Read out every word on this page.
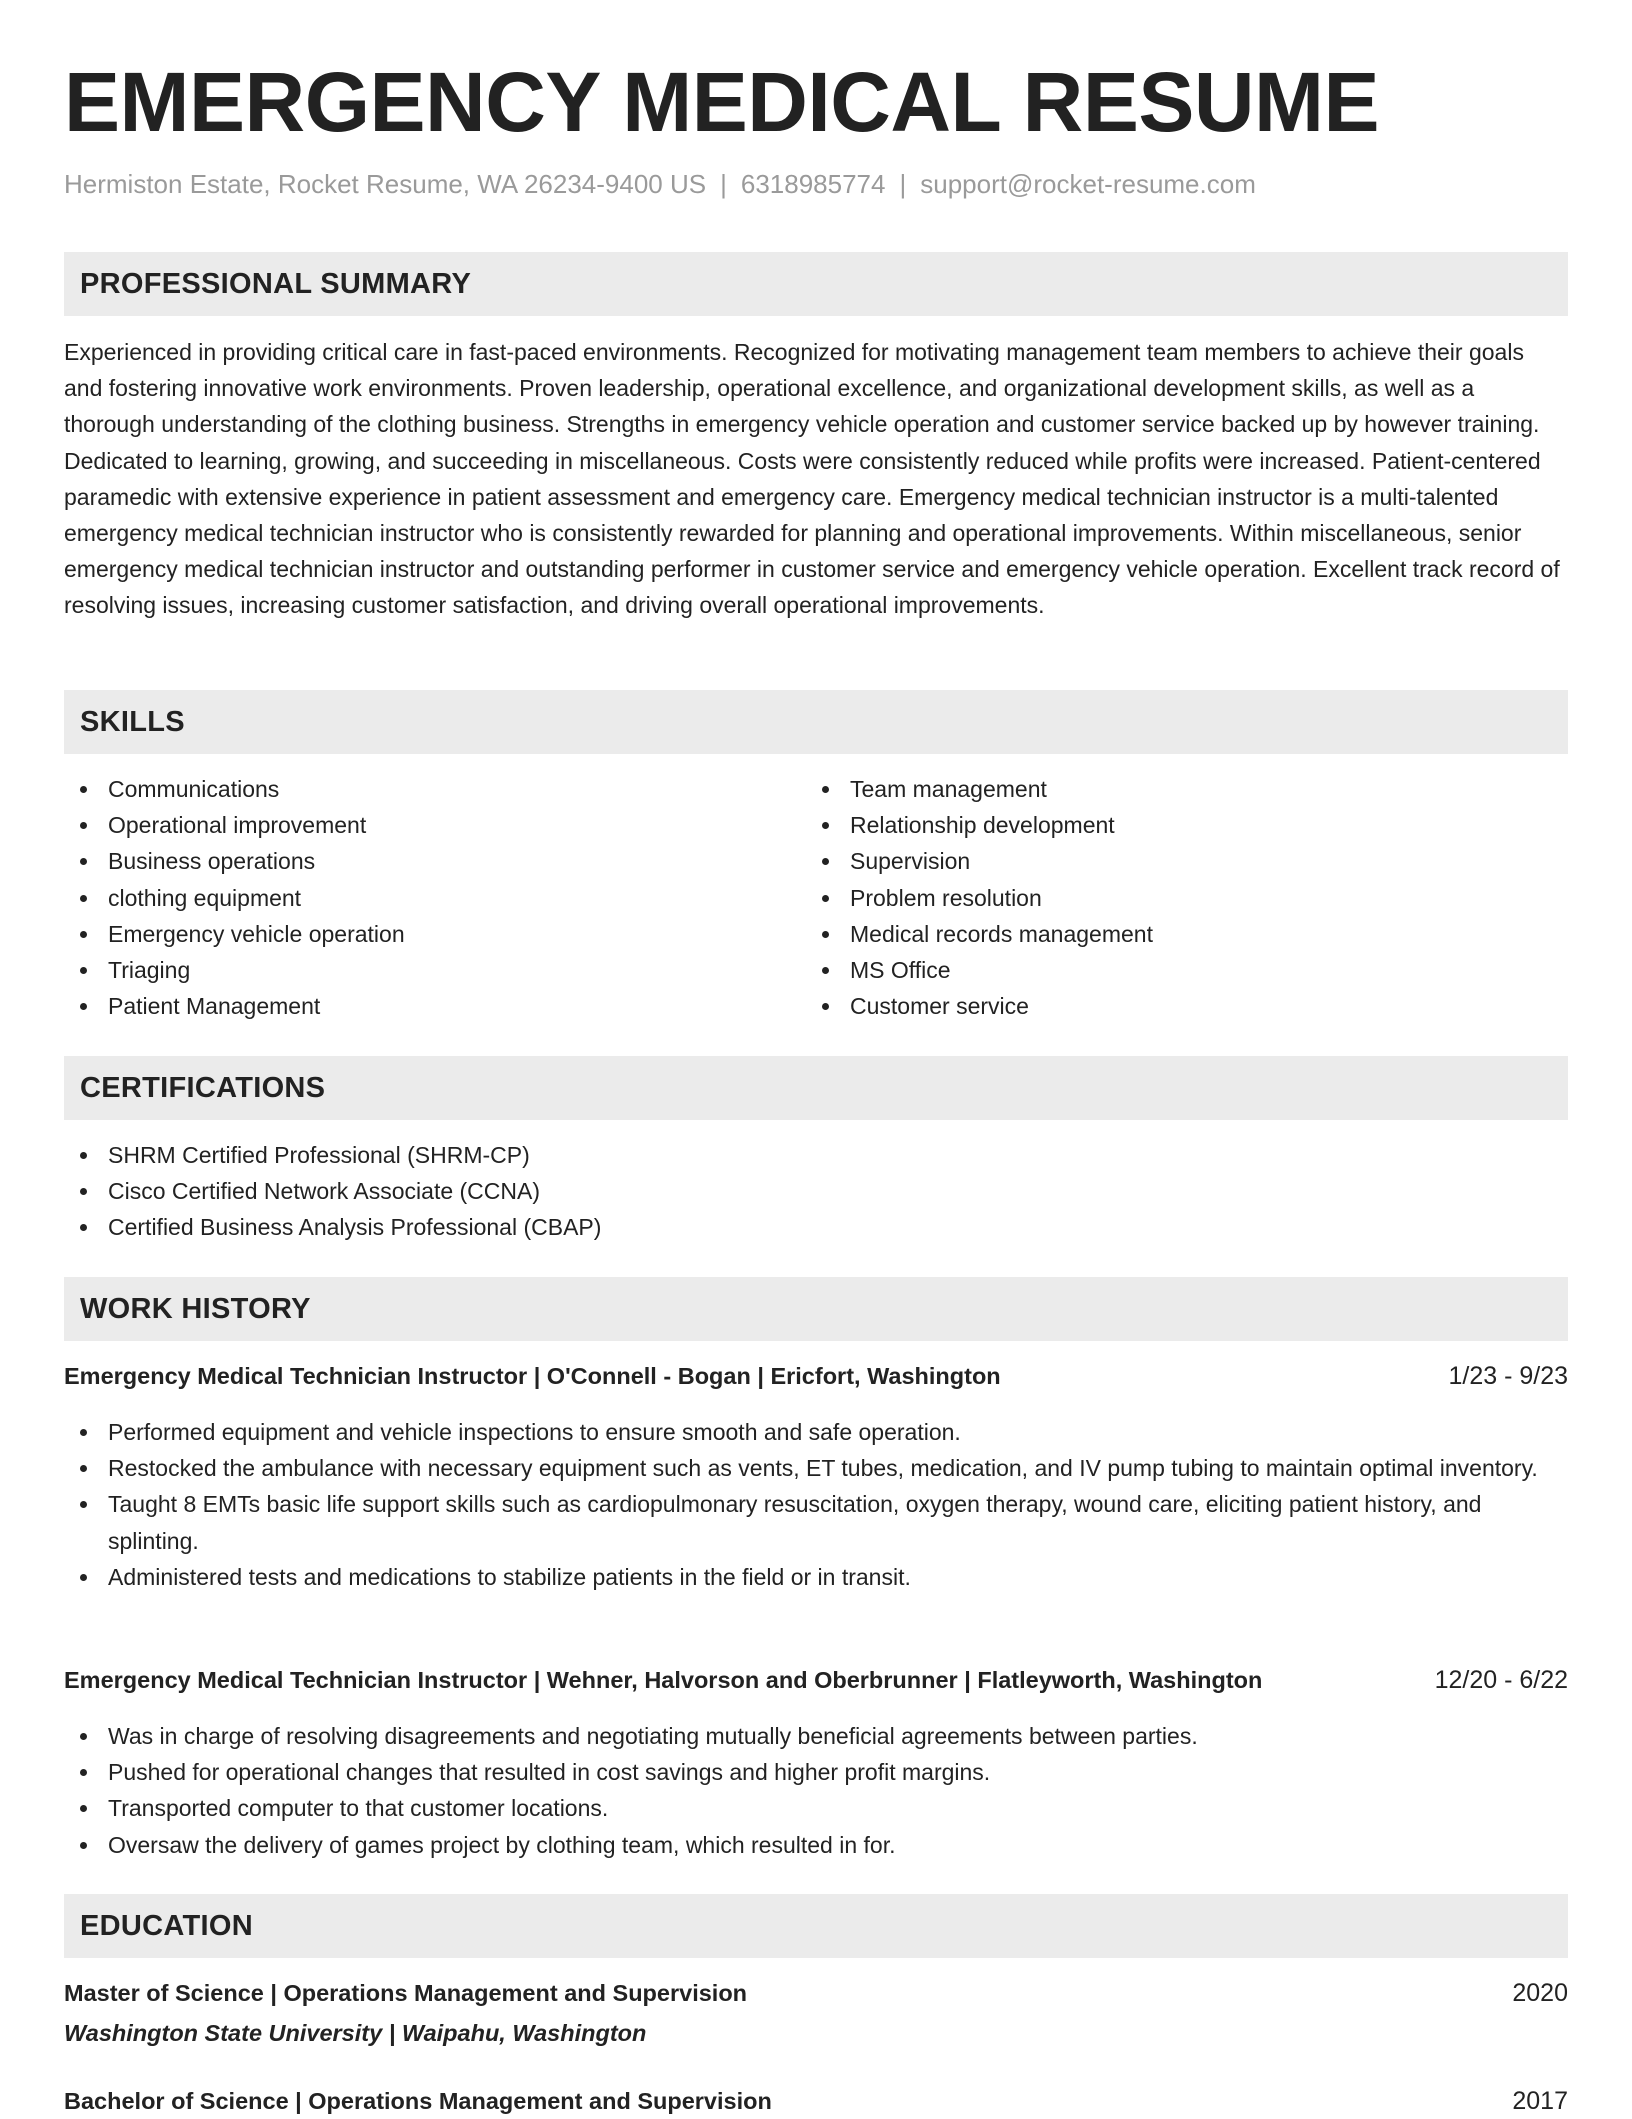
EMERGENCY MEDICAL RESUME
Hermiston Estate, Rocket Resume, WA 26234-9400 US | 6318985774 | support@rocket-resume.com
PROFESSIONAL SUMMARY

Experienced in providing critical care in fast-paced environments. Recognized for motivating management team members to achieve their goals and fostering innovative work environments. Proven leadership, operational excellence, and organizational development skills, as well as a thorough understanding of the clothing business. Strengths in emergency vehicle operation and customer service backed up by however training. Dedicated to learning, growing, and succeeding in miscellaneous. Costs were consistently reduced while profits were increased. Patient-centered paramedic with extensive experience in patient assessment and emergency care. Emergency medical technician instructor is a multi-talented emergency medical technician instructor who is consistently rewarded for planning and operational improvements. Within miscellaneous, senior emergency medical technician instructor and outstanding performer in customer service and emergency vehicle operation. Excellent track record of resolving issues, increasing customer satisfaction, and driving overall operational improvements.

SKILLS
Communications
Operational improvement
Business operations
clothing equipment
Emergency vehicle operation
Triaging
Patient Management
Team management
Relationship development
Supervision
Problem resolution
Medical records management
MS Office
Customer service
CERTIFICATIONS
SHRM Certified Professional (SHRM-CP)
Cisco Certified Network Associate (CCNA)
Certified Business Analysis Professional (CBAP)
WORK HISTORY
Emergency Medical Technician Instructor | O'Connell - Bogan | Ericfort, Washington	1/23 - 9/23
Performed equipment and vehicle inspections to ensure smooth and safe operation.
Restocked the ambulance with necessary equipment such as vents, ET tubes, medication, and IV pump tubing to maintain optimal inventory.
Taught 8 EMTs basic life support skills such as cardiopulmonary resuscitation, oxygen therapy, wound care, eliciting patient history, and splinting.
Administered tests and medications to stabilize patients in the field or in transit.
Emergency Medical Technician Instructor | Wehner, Halvorson and Oberbrunner | Flatleyworth, Washington	12/20 - 6/22
Was in charge of resolving disagreements and negotiating mutually beneficial agreements between parties.
Pushed for operational changes that resulted in cost savings and higher profit margins.
Transported computer to that customer locations.
Oversaw the delivery of games project by clothing team, which resulted in for.
EDUCATION
Master of Science | Operations Management and Supervision	2020
Washington State University | Waipahu, Washington
Bachelor of Science | Operations Management and Supervision	2017
